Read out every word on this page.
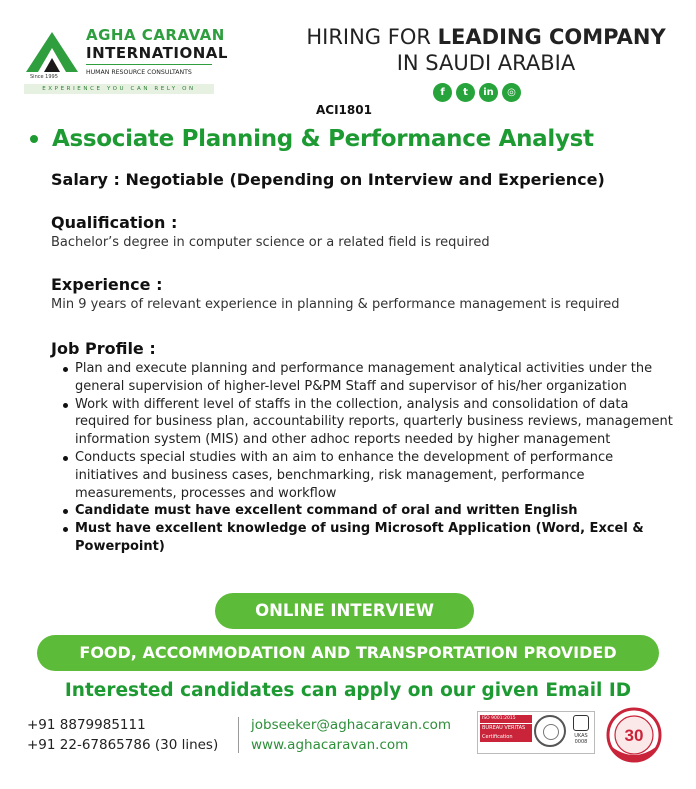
Since 1995
AGHA CARAVAN
INTERNATIONAL
HUMAN RESOURCE CONSULTANTS
EXPERIENCE YOU CAN RELY ON
HIRING FOR LEADING COMPANY
IN SAUDI ARABIA
f	t	in	◎
ACI1801
Associate Planning & Performance Analyst
Salary : Negotiable (Depending on Interview and Experience)
Qualification :
Bachelor’s degree in computer science or a related field is required
Experience :
Min 9 years of relevant experience in planning & performance management is required
Job Profile :
Plan and execute planning and performance management analytical activities under the general supervision of higher-level P&PM Staff and supervisor of his/her organization
Work with different level of staffs in the collection, analysis and consolidation of data required for business plan, accountability reports, quarterly business reviews, management information system (MIS) and other adhoc reports needed by higher management
Conducts special studies with an aim to enhance the development of performance initiatives and business cases, benchmarking, risk management, performance measurements, processes and workflow
Candidate must have excellent command of oral and written English
Must have excellent knowledge of using Microsoft Application (Word, Excel & Powerpoint)
ONLINE INTERVIEW
FOOD, ACCOMMODATION AND TRANSPORTATION PROVIDED
Interested candidates can apply on our given Email ID
+91 8879985111
+91 22-67865786 (30 lines)
jobseeker@aghacaravan.com
www.aghacaravan.com
ISO 9001:2015
BUREAU VERITAS
Certification	UKAS
0008 30
